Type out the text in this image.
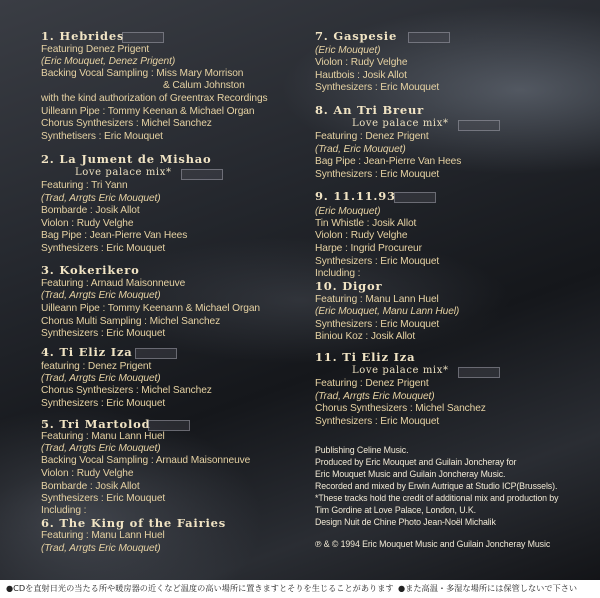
1. Hebrides
Featuring Denez Prigent
(Eric Mouquet, Denez Prigent)
Backing Vocal Sampling : Miss Mary Morrison
& Calum Johnston
with the kind authorization of Greentrax Recordings
Uilleann Pipe : Tommy Keenan & Michael Organ
Chorus Synthesizers : Michel Sanchez
Synthetisers : Eric Mouquet
2. La Jument de Mishao
Love palace mix*
Featuring : Tri Yann
(Trad, Arrgts Eric Mouquet)
Bombarde : Josik Allot
Violon : Rudy Velghe
Bag Pipe : Jean-Pierre Van Hees
Synthesizers : Eric Mouquet
3. Kokerikero
Featuring : Arnaud Maisonneuve
(Trad, Arrgts Eric Mouquet)
Uilleann Pipe : Tommy Keenann & Michael Organ
Chorus Multi Sampling : Michel Sanchez
Synthesizers : Eric Mouquet
4. Ti Eliz Iza
featuring : Denez Prigent
(Trad, Arrgts Eric Mouquet)
Chorus Synthesizers : Michel Sanchez
Synthesizers : Eric Mouquet
5. Tri Martolod
Featuring : Manu Lann Huel
(Trad, Arrgts Eric Mouquet)
Backing Vocal Sampling : Arnaud Maisonneuve
Violon : Rudy Velghe
Bombarde : Josik Allot
Synthesizers : Eric Mouquet
Including :
6. The King of the Fairies
Featuring : Manu Lann Huel
(Trad, Arrgts Eric Mouquet)
7. Gaspesie
(Eric Mouquet)
Violon : Rudy Velghe
Hautbois : Josik Allot
Synthesizers : Eric Mouquet
8. An Tri Breur
Love palace mix*
Featuring : Denez Prigent
(Trad, Eric Mouquet)
Bag Pipe : Jean-Pierre Van Hees
Synthesizers : Eric Mouquet
9. 11.11.93
(Eric Mouquet)
Tin Whistle : Josik Allot
Violon : Rudy Velghe
Harpe : Ingrid Procureur
Synthesizers : Eric Mouquet
Including :
10. Digor
Featuring : Manu Lann Huel
(Eric Mouquet, Manu Lann Huel)
Synthesizers : Eric Mouquet
Biniou Koz : Josik Allot
11. Ti Eliz Iza
Love palace mix*
Featuring : Denez Prigent
(Trad, Arrgts Eric Mouquet)
Chorus Synthesizers : Michel Sanchez
Synthesizers : Eric Mouquet
Publishing Celine Music.
Produced by Eric Mouquet and Guilain Joncheray for
Eric Mouquet Music and Guilain Joncheray Music.
Recorded and mixed by Erwin Autrique at Studio ICP(Brussels).
*These tracks hold the credit of additional mix and production by
Tim Gordine at Love Palace, London, U.K.
Design Nuit de Chine Photo Jean-Noël Michalik
℗ & © 1994 Eric Mouquet Music and Guilain Joncheray Music
●CDを直射日光の当たる所や暖房器の近くなど温度の高い場所に置きますとそりを生じることがあります ●また高温・多湿な場所には保管しないで下さい
